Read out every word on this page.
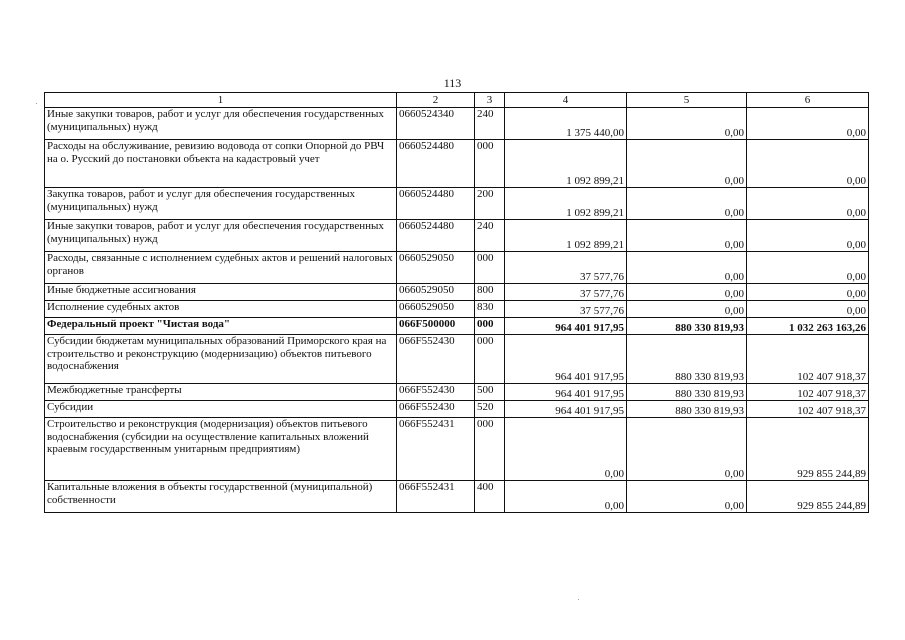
113
1	2	3	4	5	6
Иные закупки товаров, работ и услуг для обеспечения государственных (муниципальных) нужд	0660524340	240	1 375 440,00	0,00	0,00
Расходы на обслуживание, ревизию водовода от сопки Опорной до РВЧ на о. Русский до постановки объекта на кадастровый учет	0660524480	000	1 092 899,21	0,00	0,00
Закупка товаров, работ и услуг для обеспечения государственных (муниципальных) нужд	0660524480	200	1 092 899,21	0,00	0,00
Иные закупки товаров, работ и услуг для обеспечения государственных (муниципальных) нужд	0660524480	240	1 092 899,21	0,00	0,00
Расходы, связанные с исполнением судебных актов и решений налоговых органов	0660529050	000	37 577,76	0,00	0,00
Иные бюджетные ассигнования	0660529050	800	37 577,76	0,00	0,00
Исполнение судебных актов	0660529050	830	37 577,76	0,00	0,00
Федеральный проект "Чистая вода"	066F500000	000	964 401 917,95	880 330 819,93	1 032 263 163,26
Субсидии бюджетам муниципальных образований Приморского края на строительство и реконструкцию (модернизацию) объектов питьевого водоснабжения	066F552430	000	964 401 917,95	880 330 819,93	102 407 918,37
Межбюджетные трансферты	066F552430	500	964 401 917,95	880 330 819,93	102 407 918,37
Субсидии	066F552430	520	964 401 917,95	880 330 819,93	102 407 918,37
Строительство и реконструкция (модернизация) объектов питьевого водоснабжения (субсидии на осуществление капитальных вложений краевым государственным унитарным предприятиям)	066F552431	000	0,00	0,00	929 855 244,89
Капитальные вложения в объекты государственной (муниципальной) собственности	066F552431	400	0,00	0,00	929 855 244,89
